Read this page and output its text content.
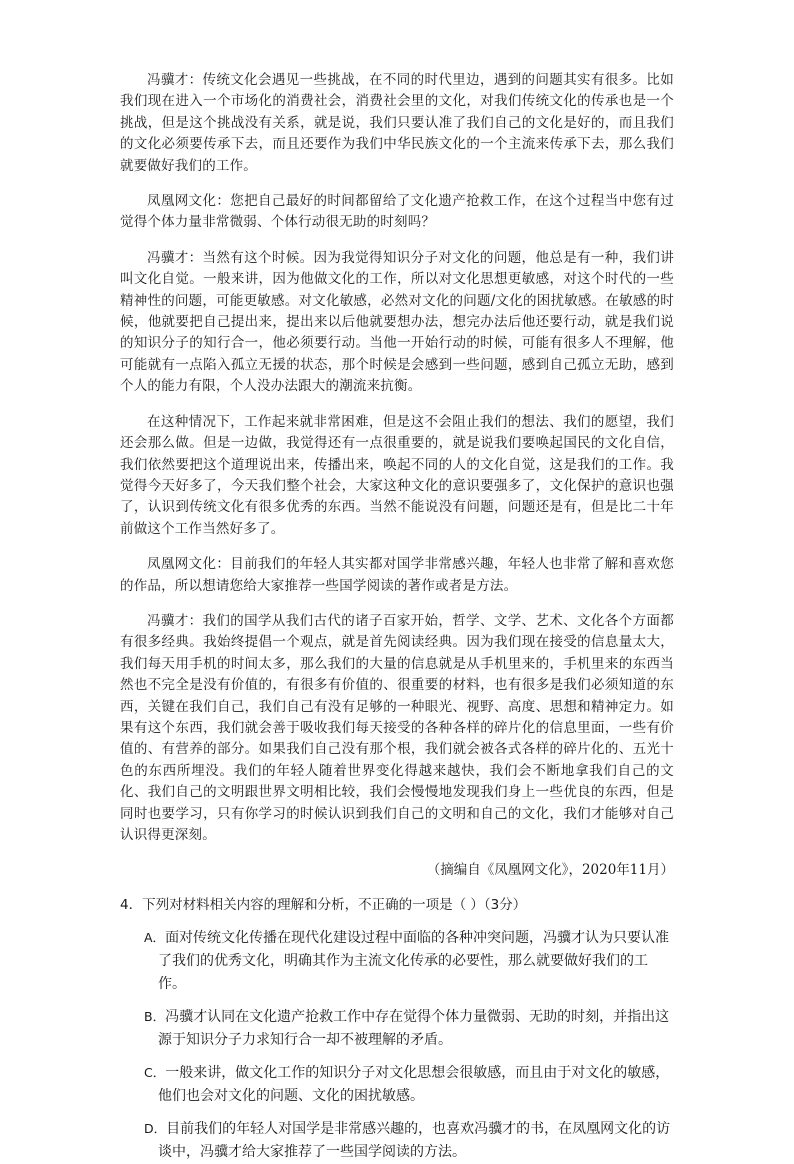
冯骥才：传统文化会遇见一些挑战，在不同的时代里边，遇到的问题其实有很多。比如我们现在进入一个市场化的消费社会，消费社会里的文化，对我们传统文化的传承也是一个挑战，但是这个挑战没有关系，就是说，我们只要认准了我们自己的文化是好的，而且我们的文化必须要传承下去，而且还要作为我们中华民族文化的一个主流来传承下去，那么我们就要做好我们的工作。

凤凰网文化：您把自己最好的时间都留给了文化遗产抢救工作，在这个过程当中您有过觉得个体力量非常微弱、个体行动很无助的时刻吗？

冯骥才：当然有这个时候。因为我觉得知识分子对文化的问题，他总是有一种，我们讲叫文化自觉。一般来讲，因为他做文化的工作，所以对文化思想更敏感，对这个时代的一些精神性的问题，可能更敏感。对文化敏感，必然对文化的问题/文化的困扰敏感。在敏感的时候，他就要把自己提出来，提出来以后他就要想办法，想完办法后他还要行动，就是我们说的知识分子的知行合一，他必须要行动。当他一开始行动的时候，可能有很多人不理解，他可能就有一点陷入孤立无援的状态，那个时候是会感到一些问题，感到自己孤立无助，感到个人的能力有限，个人没办法跟大的潮流来抗衡。

在这种情况下，工作起来就非常困难，但是这不会阻止我们的想法、我们的愿望，我们还会那么做。但是一边做，我觉得还有一点很重要的，就是说我们要唤起国民的文化自信，我们依然要把这个道理说出来，传播出来，唤起不同的人的文化自觉，这是我们的工作。我觉得今天好多了，今天我们整个社会，大家这种文化的意识要强多了，文化保护的意识也强了，认识到传统文化有很多优秀的东西。当然不能说没有问题，问题还是有，但是比二十年前做这个工作当然好多了。

凤凰网文化：目前我们的年轻人其实都对国学非常感兴趣，年轻人也非常了解和喜欢您的作品，所以想请您给大家推荐一些国学阅读的著作或者是方法。

冯骥才：我们的国学从我们古代的诸子百家开始，哲学、文学、艺术、文化各个方面都有很多经典。我始终提倡一个观点，就是首先阅读经典。因为我们现在接受的信息量太大，我们每天用手机的时间太多，那么我们的大量的信息就是从手机里来的，手机里来的东西当然也不完全是没有价值的，有很多有价值的、很重要的材料，也有很多是我们必须知道的东西，关键在我们自己，我们自己有没有足够的一种眼光、视野、高度、思想和精神定力。如果有这个东西，我们就会善于吸收我们每天接受的各种各样的碎片化的信息里面，一些有价值的、有营养的部分。如果我们自己没有那个根，我们就会被各式各样的碎片化的、五光十色的东西所埋没。我们的年轻人随着世界变化得越来越快，我们会不断地拿我们自己的文化、我们自己的文明跟世界文明相比较，我们会慢慢地发现我们身上一些优良的东西，但是同时也要学习，只有你学习的时候认识到我们自己的文明和自己的文化，我们才能够对自己认识得更深刻。

（摘编自《凤凰网文化》，2020年11月）
4．下列对材料相关内容的理解和分析，不正确的一项是（ ）（3分）
A．面对传统文化传播在现代化建设过程中面临的各种冲突问题，冯骥才认为只要认准了我们的优秀文化，明确其作为主流文化传承的必要性，那么就要做好我们的工作。
B．冯骥才认同在文化遗产抢救工作中存在觉得个体力量微弱、无助的时刻，并指出这源于知识分子力求知行合一却不被理解的矛盾。
C．一般来讲，做文化工作的知识分子对文化思想会很敏感，而且由于对文化的敏感，他们也会对文化的问题、文化的困扰敏感。
D．目前我们的年轻人对国学是非常感兴趣的，也喜欢冯骥才的书，在凤凰网文化的访谈中，冯骥才给大家推荐了一些国学阅读的方法。
